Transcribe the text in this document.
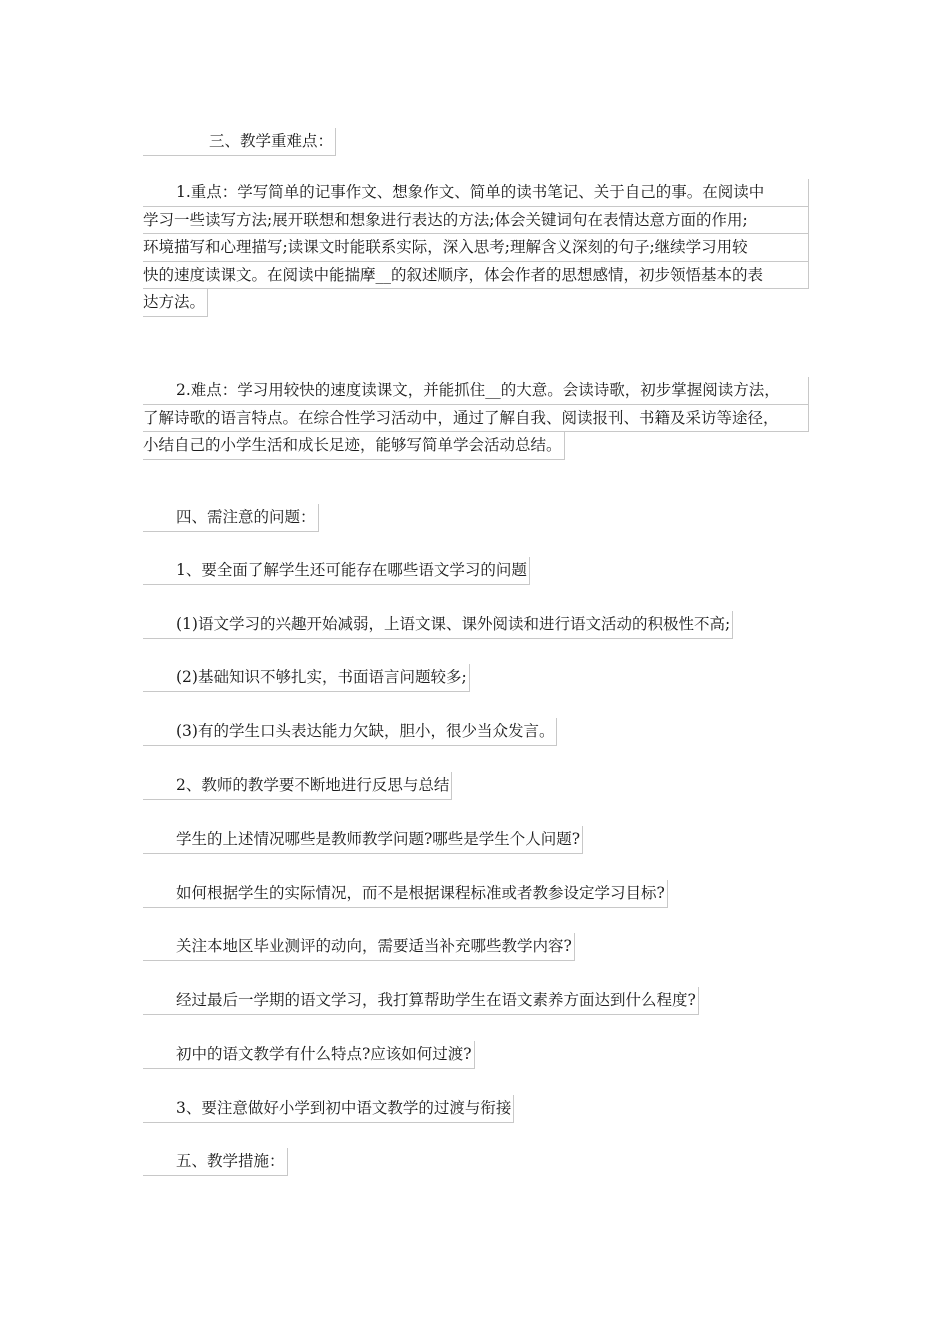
三、教学重难点：

1.重点：学写简单的记事作文、想象作文、简单的读书笔记、关于自己的事。在阅读中
学习一些读写方法;展开联想和想象进行表达的方法;体会关键词句在表情达意方面的作用;
环境描写和心理描写;读课文时能联系实际，深入思考;理解含义深刻的句子;继续学习用较
快的速度读课文。在阅读中能揣摩__的叙述顺序，体会作者的思想感情，初步领悟基本的表
达方法。
2.难点：学习用较快的速度读课文，并能抓住__的大意。会读诗歌，初步掌握阅读方法，
了解诗歌的语言特点。在综合性学习活动中，通过了解自我、阅读报刊、书籍及采访等途径，
小结自己的小学生活和成长足迹，能够写简单学会活动总结。

四、需注意的问题：

1、要全面了解学生还可能存在哪些语文学习的问题

(1)语文学习的兴趣开始减弱，上语文课、课外阅读和进行语文活动的积极性不高;

(2)基础知识不够扎实，书面语言问题较多;

(3)有的学生口头表达能力欠缺，胆小，很少当众发言。

2、教师的教学要不断地进行反思与总结

学生的上述情况哪些是教师教学问题?哪些是学生个人问题?

如何根据学生的实际情况，而不是根据课程标准或者教参设定学习目标?

关注本地区毕业测评的动向，需要适当补充哪些教学内容?

经过最后一学期的语文学习，我打算帮助学生在语文素养方面达到什么程度?

初中的语文教学有什么特点?应该如何过渡?

3、要注意做好小学到初中语文教学的过渡与衔接

五、教学措施：
